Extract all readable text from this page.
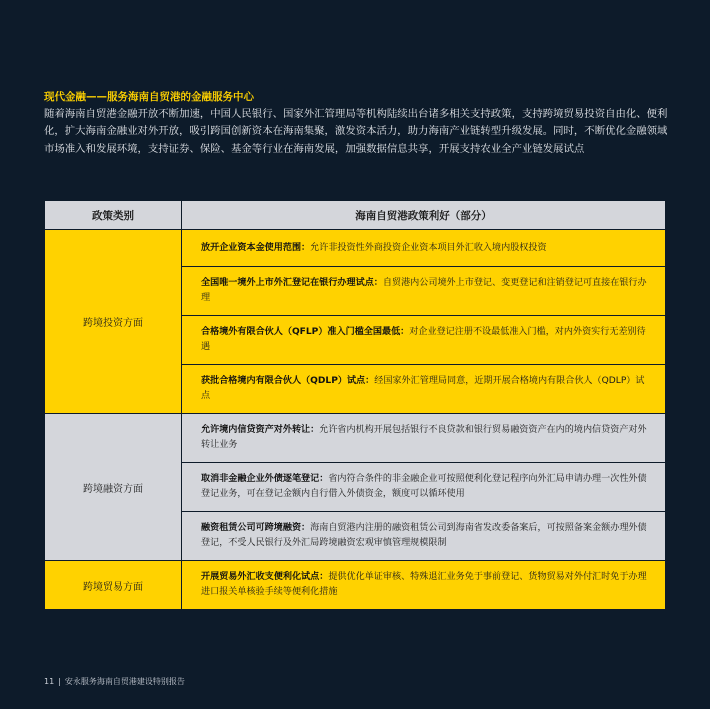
现代金融——服务海南自贸港的金融服务中心
随着海南自贸港金融开放不断加速，中国人民银行、国家外汇管理局等机构陆续出台诸多相关支持政策，支持跨境贸易投资自由化、便利化，扩大海南金融业对外开放，吸引跨国创新资本在海南集聚，激发资本活力，助力海南产业链转型升级发展。同时，不断优化金融领域市场准入和发展环境，支持证券、保险、基金等行业在海南发展，加强数据信息共享，开展支持农业全产业链发展试点
政策类别	海南自贸港政策利好（部分）
跨境投资方面	放开企业资本金使用范围：允许非投资性外商投资企业资本项目外汇收入境内股权投资
	全国唯一境外上市外汇登记在银行办理试点：自贸港内公司境外上市登记、变更登记和注销登记可直接在银行办理
	合格境外有限合伙人（QFLP）准入门槛全国最低：对企业登记注册不设最低准入门槛，对内外资实行无差别待遇
	获批合格境内有限合伙人（QDLP）试点：经国家外汇管理局同意，近期开展合格境内有限合伙人（QDLP）试点
跨境融资方面	允许境内信贷资产对外转让：允许省内机构开展包括银行不良贷款和银行贸易融资资产在内的境内信贷资产对外转让业务
	取消非金融企业外债逐笔登记：省内符合条件的非金融企业可按照便利化登记程序向外汇局申请办理一次性外债登记业务，可在登记金额内自行借入外债资金，额度可以循环使用
	融资租赁公司可跨境融资：海南自贸港内注册的融资租赁公司到海南省发改委备案后，可按照备案金额办理外债登记，不受人民银行及外汇局跨境融资宏观审慎管理规模限制
跨境贸易方面	开展贸易外汇收支便利化试点：提供优化单证审核、特殊退汇业务免于事前登记、货物贸易对外付汇时免于办理进口报关单核验手续等便利化措施
11 | 安永服务海南自贸港建设特别报告
